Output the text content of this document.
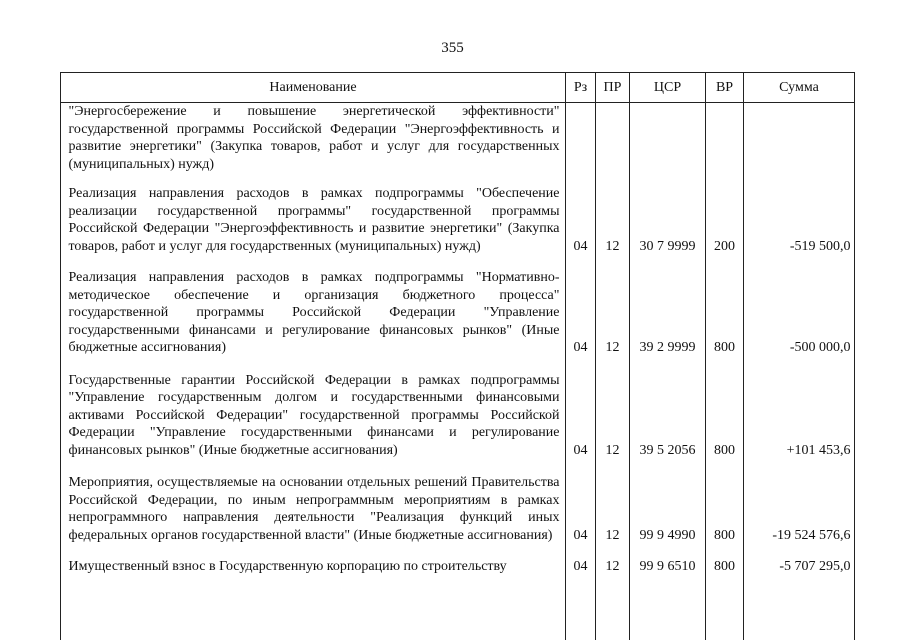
355
Наименование	Рз	ПР	ЦСР	ВР	Сумма
"Энергосбережение и повышение энергетической эффективности" государственной программы Российской Федерации "Энергоэффективность и развитие энергетики" (Закупка товаров, работ и услуг для государственных (муниципальных) нужд)					
Реализация направления расходов в рамках подпрограммы "Обеспечение реализации государственной программы" государственной программы Российской Федерации "Энергоэффективность и развитие энергетики" (Закупка товаров, работ и услуг для государственных (муниципальных) нужд)	04	12	30 7 9999	200	-519 500,0
Реализация направления расходов в рамках подпрограммы "Нормативно-методическое обеспечение и организация бюджетного процесса" государственной программы Российской Федерации "Управление государственными финансами и регулирование финансовых рынков" (Иные бюджетные ассигнования)	04	12	39 2 9999	800	-500 000,0
Государственные гарантии Российской Федерации в рамках подпрограммы "Управление государственным долгом и государственными финансовыми активами Российской Федерации" государственной программы Российской Федерации "Управление государственными финансами и регулирование финансовых рынков" (Иные бюджетные ассигнования)	04	12	39 5 2056	800	+101 453,6
Мероприятия, осуществляемые на основании отдельных решений Правительства Российской Федерации, по иным непрограммным мероприятиям в рамках непрограммного направления деятельности "Реализация функций иных федеральных органов государственной власти" (Иные бюджетные ассигнования)	04	12	99 9 4990	800	-19 524 576,6
Имущественный взнос в Государственную корпорацию по строительству	04	12	99 9 6510	800	-5 707 295,0
